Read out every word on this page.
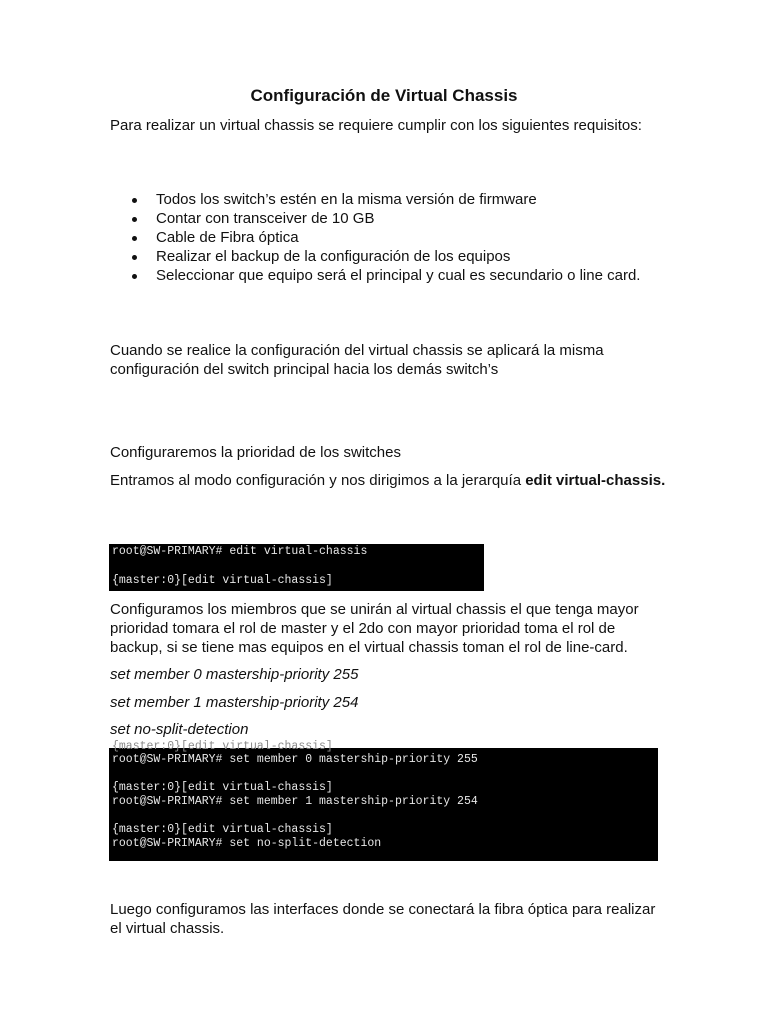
Configuración de Virtual Chassis

Para realizar un virtual chassis se requiere cumplir con los siguientes requisitos:

Todos los switch’s estén en la misma versión de firmware
Contar con transceiver de 10 GB
Cable de Fibra óptica
Realizar el backup de la configuración de los equipos
Seleccionar que equipo será el principal y cual es secundario o line card.

Cuando se realice la configuración del virtual chassis se aplicará la misma configuración del switch principal hacia los demás switch’s

Configuraremos la prioridad de los switches

Entramos al modo configuración y nos dirigimos a la jerarquía edit virtual-chassis.

root@SW-PRIMARY# edit virtual-chassis
{master:0}[edit virtual-chassis]

Configuramos los miembros que se unirán al virtual chassis el que tenga mayor prioridad tomara el rol de master y el 2do con mayor prioridad toma el rol de backup, si se tiene mas equipos en el virtual chassis toman el rol de line-card.

set member 0 mastership-priority 255

set member 1 mastership-priority 254

set no-split-detection

{master:0}[edit virtual-chassis]
root@SW-PRIMARY# set member 0 mastership-priority 255
{master:0}[edit virtual-chassis]
root@SW-PRIMARY# set member 1 mastership-priority 254
{master:0}[edit virtual-chassis]
root@SW-PRIMARY# set no-split-detection

Luego configuramos las interfaces donde se conectará la fibra óptica para realizar el virtual chassis.
